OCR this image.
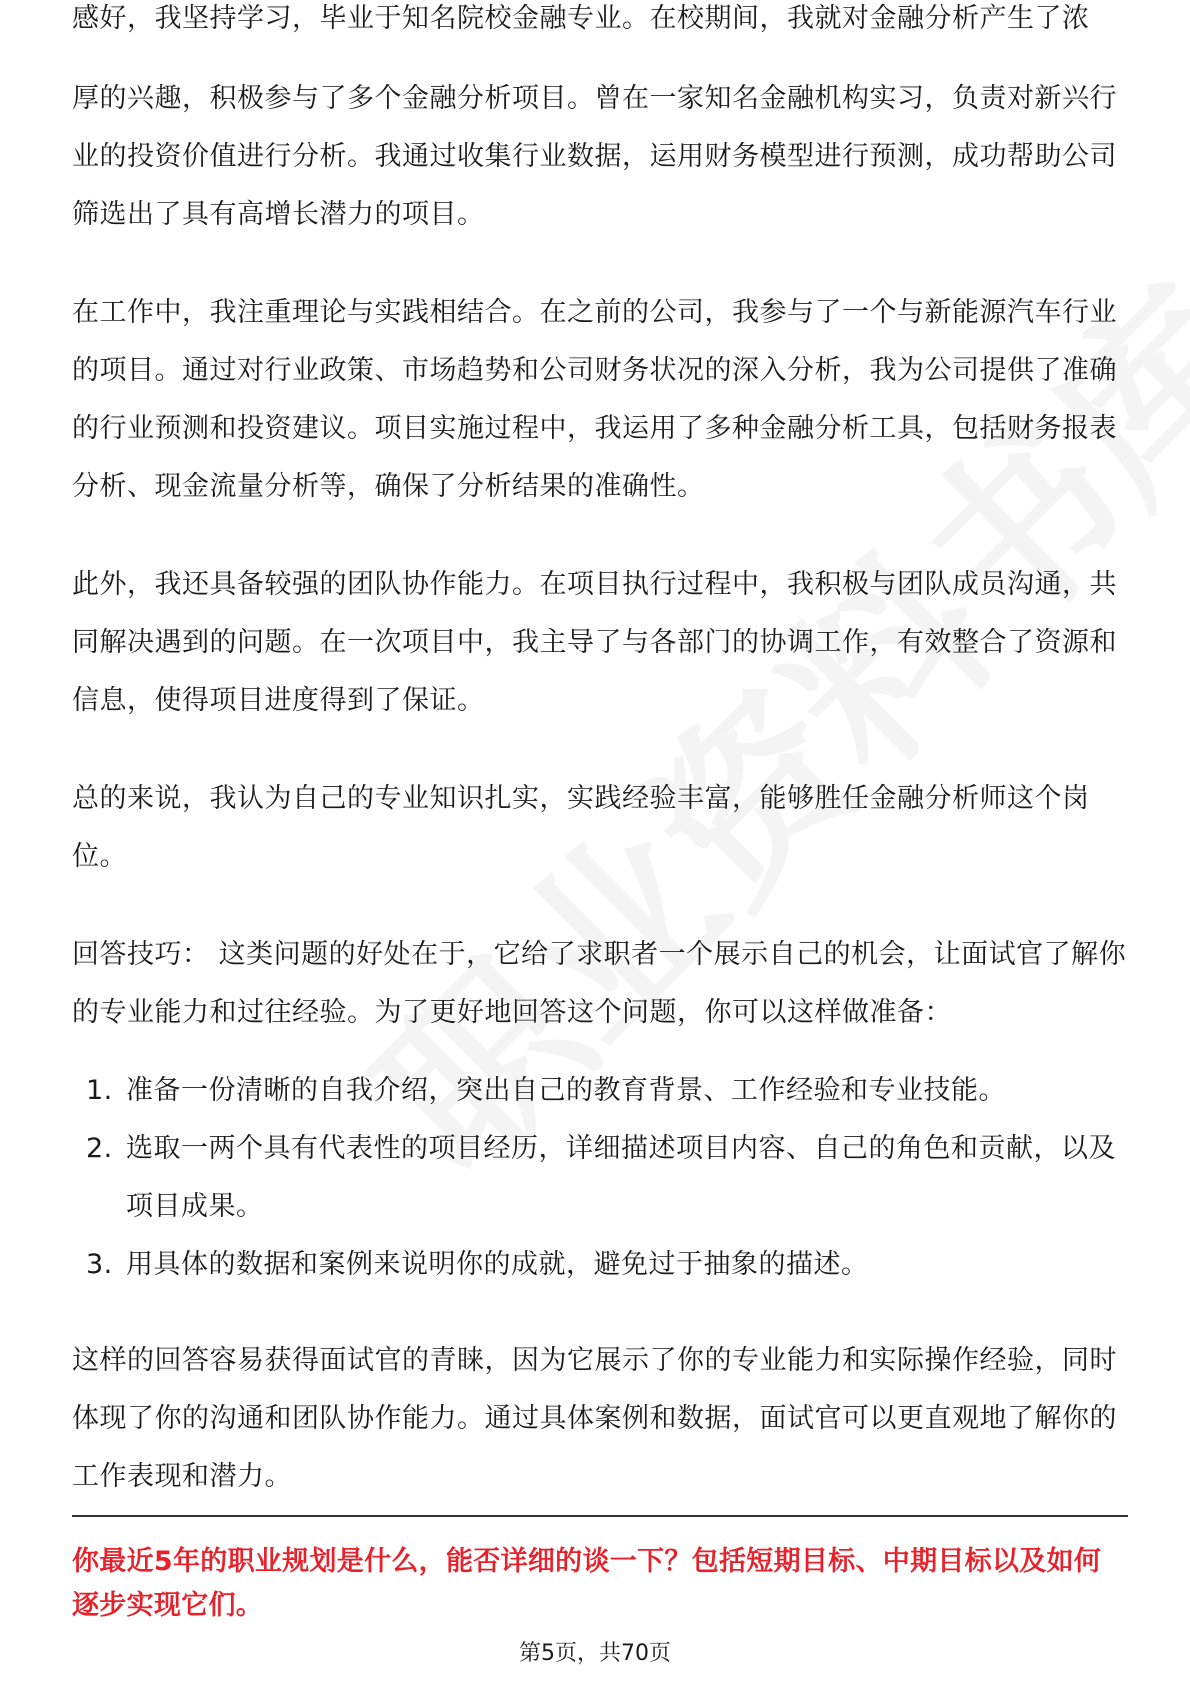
感好，我坚持学习，毕业于知名院校金融专业。在校期间，我就对金融分析产生了浓

厚的兴趣，积极参与了多个金融分析项目。曾在一家知名金融机构实习，负责对新兴行业的投资价值进行分析。我通过收集行业数据，运用财务模型进行预测，成功帮助公司筛选出了具有高增长潜力的项目。

在工作中，我注重理论与实践相结合。在之前的公司，我参与了一个与新能源汽车行业的项目。通过对行业政策、市场趋势和公司财务状况的深入分析，我为公司提供了准确的行业预测和投资建议。项目实施过程中，我运用了多种金融分析工具，包括财务报表分析、现金流量分析等，确保了分析结果的准确性。

此外，我还具备较强的团队协作能力。在项目执行过程中，我积极与团队成员沟通，共同解决遇到的问题。在一次项目中，我主导了与各部门的协调工作，有效整合了资源和信息，使得项目进度得到了保证。

总的来说，我认为自己的专业知识扎实，实践经验丰富，能够胜任金融分析师这个岗位。

回答技巧： 这类问题的好处在于，它给了求职者一个展示自己的机会，让面试官了解你的专业能力和过往经验。为了更好地回答这个问题，你可以这样做准备：

1. 准备一份清晰的自我介绍，突出自己的教育背景、工作经验和专业技能。
2. 选取一两个具有代表性的项目经历，详细描述项目内容、自己的角色和贡献，以及项目成果。
3. 用具体的数据和案例来说明你的成就，避免过于抽象的描述。

这样的回答容易获得面试官的青睐，因为它展示了你的专业能力和实际操作经验，同时体现了你的沟通和团队协作能力。通过具体案例和数据，面试官可以更直观地了解你的工作表现和潜力。

你最近5年的职业规划是什么，能否详细的谈一下？包括短期目标、中期目标以及如何逐步实现它们。
第5页，共70页
